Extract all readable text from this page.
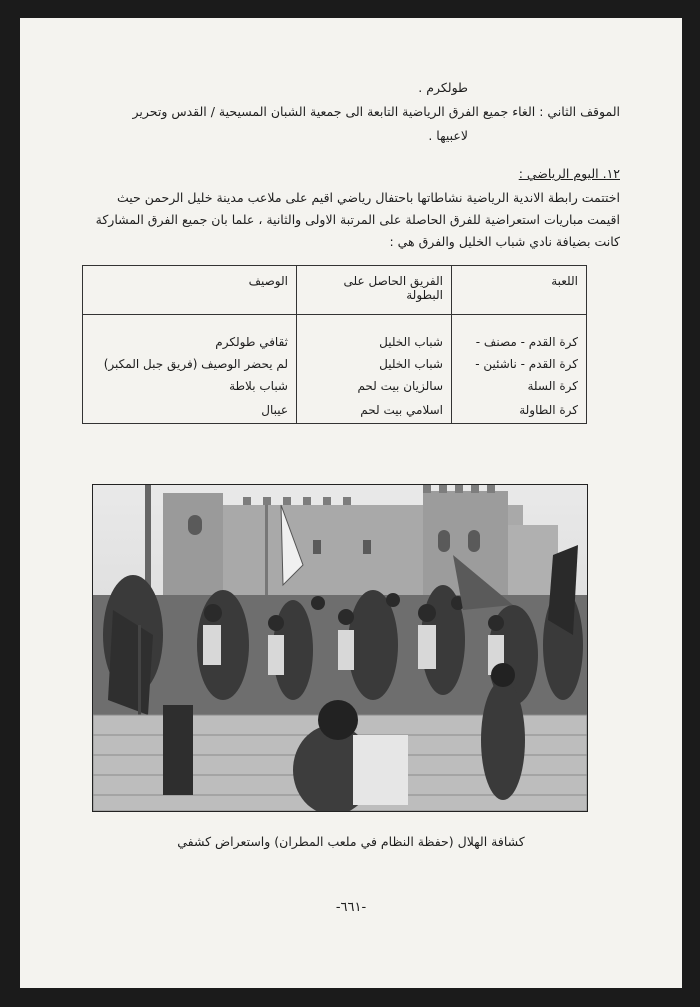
طولكرم .
الموقف الثاني : الغاء جميع الفرق الرياضية التابعة الى جمعية الشبان المسيحية / القدس وتحرير
لاعبيها .
١٢. اليوم الرياضي :
اختتمت رابطة الاندية الرياضية نشاطاتها باحتفال رياضي اقيم على ملاعب مدينة خليل الرحمن حيث
اقيمت مباريات استعراضية للفرق الحاصلة على المرتبة الاولى والثانية ، علما بان جميع الفرق المشاركة
كانت بضيافة نادي شباب الخليل والفرق هي :
اللعبة	الفريق الحاصل على البطولة	الوصيف

كرة القدم - مصنف -	شباب الخليل	ثقافي طولكرم
كرة القدم - ناشئين -	شباب الخليل	لم يحضر الوصيف (فريق جبل المكبر)
كرة السلة	سالزيان بيت لحم	شباب بلاطة
كرة الطاولة	اسلامي بيت لحم	عيبال
كشافة الهلال (حفظة النظام في ملعب المطران) واستعراض كشفي
-٦٦١-
